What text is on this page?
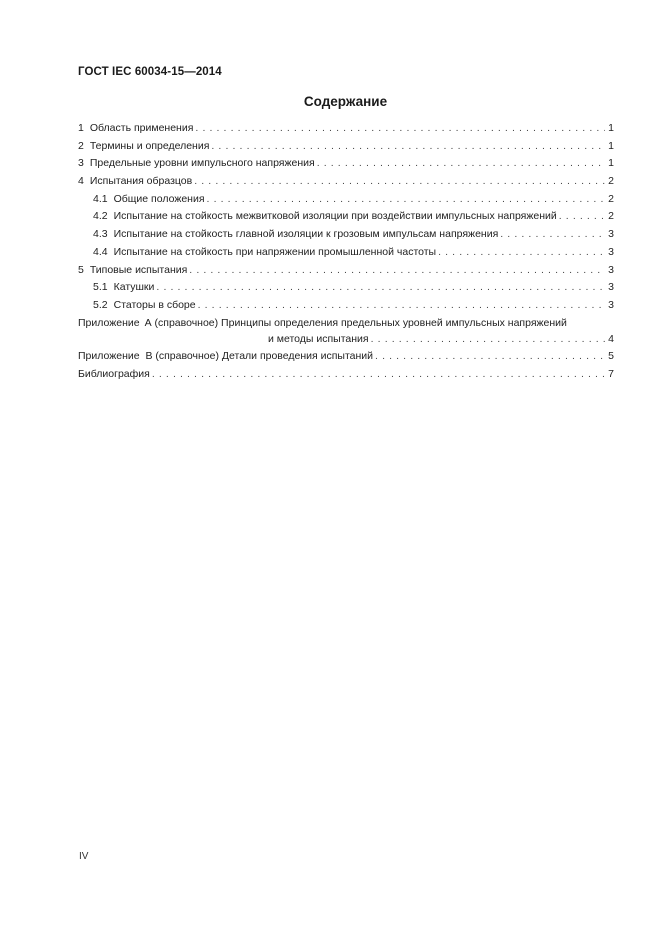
ГОСТ IEC 60034-15—2014
Содержание
1 Область применения . . .	1
2 Термины и определения . . .	1
3 Предельные уровни импульсного напряжения . . .	1
4 Испытания образцов . . .	2
4.1 Общие положения . . .	2
4.2 Испытание на стойкость межвитковой изоляции при воздействии импульсных напряжений . . .	2
4.3 Испытание на стойкость главной изоляции к грозовым импульсам напряжения . . .	3
4.4 Испытание на стойкость при напряжении промышленной частоты . . .	3
5 Типовые испытания . . .	3
5.1 Катушки . . .	3
5.2 Статоры в сборе . . .	3
Приложение А (справочное) Принципы определения предельных уровней импульсных напряжений
и методы испытания . . .	4
Приложение В (справочное) Детали проведения испытаний . . .	5
Библиография . . .	7
IV
